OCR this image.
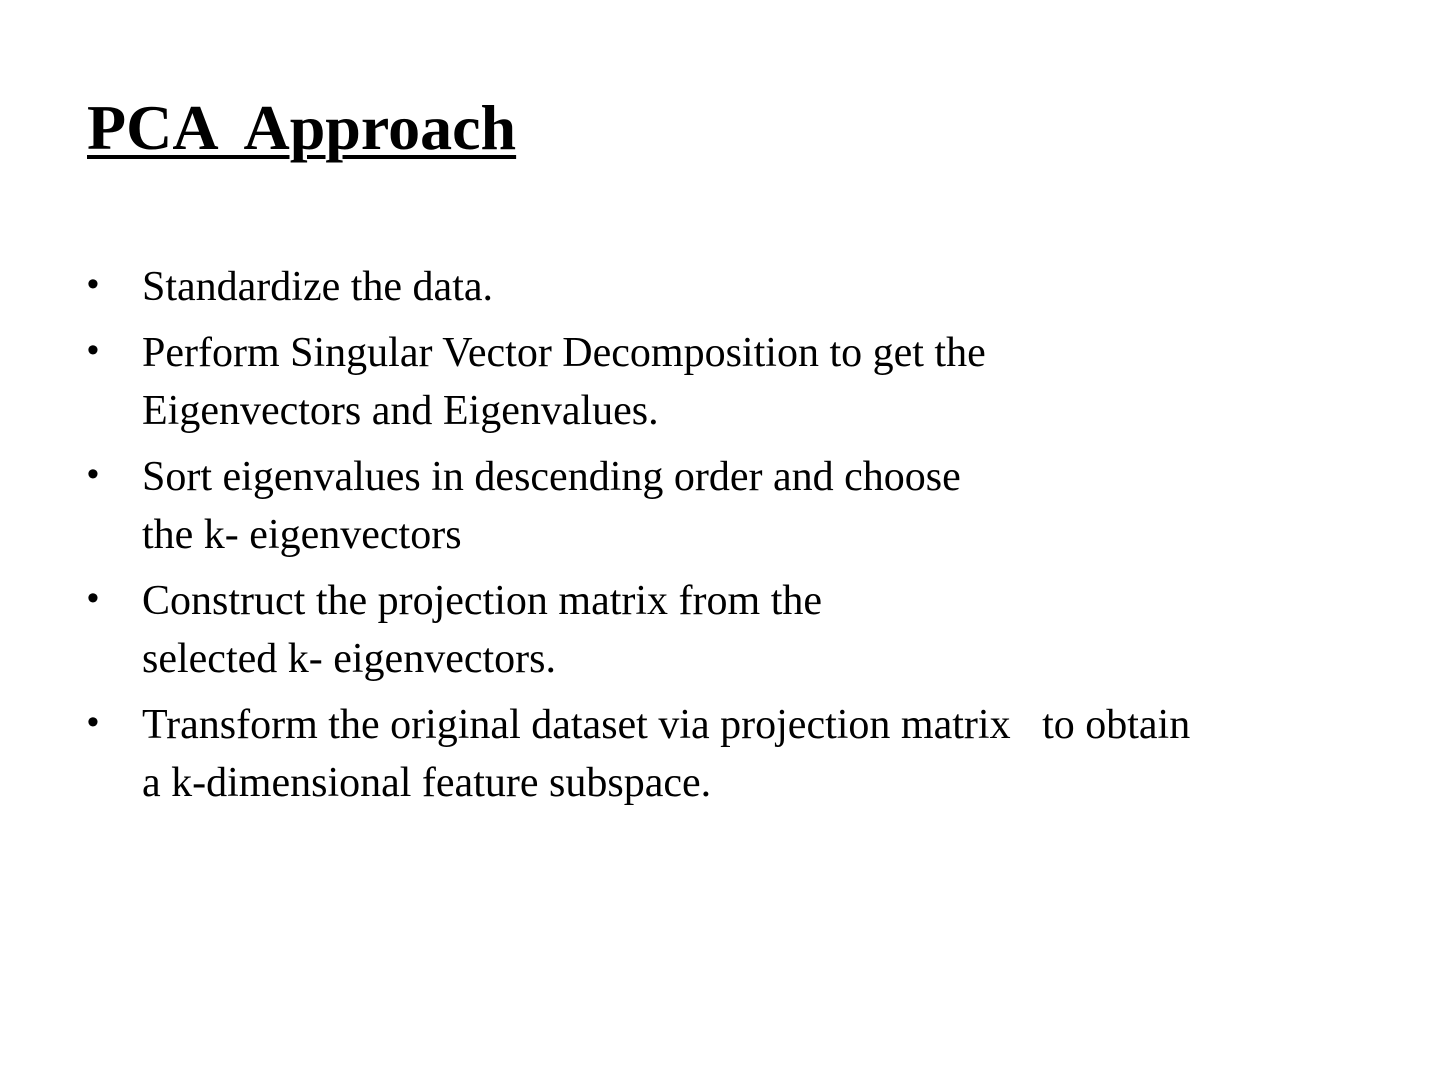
PCA  Approach
• Standardize the data.
• Perform Singular Vector Decomposition to get the
Eigenvectors and Eigenvalues.
• Sort eigenvalues in descending order and choose
the k- eigenvectors
• Construct the projection matrix from the
selected k- eigenvectors.
• Transform the original dataset via projection matrix   to obtain
a k-dimensional feature subspace.
